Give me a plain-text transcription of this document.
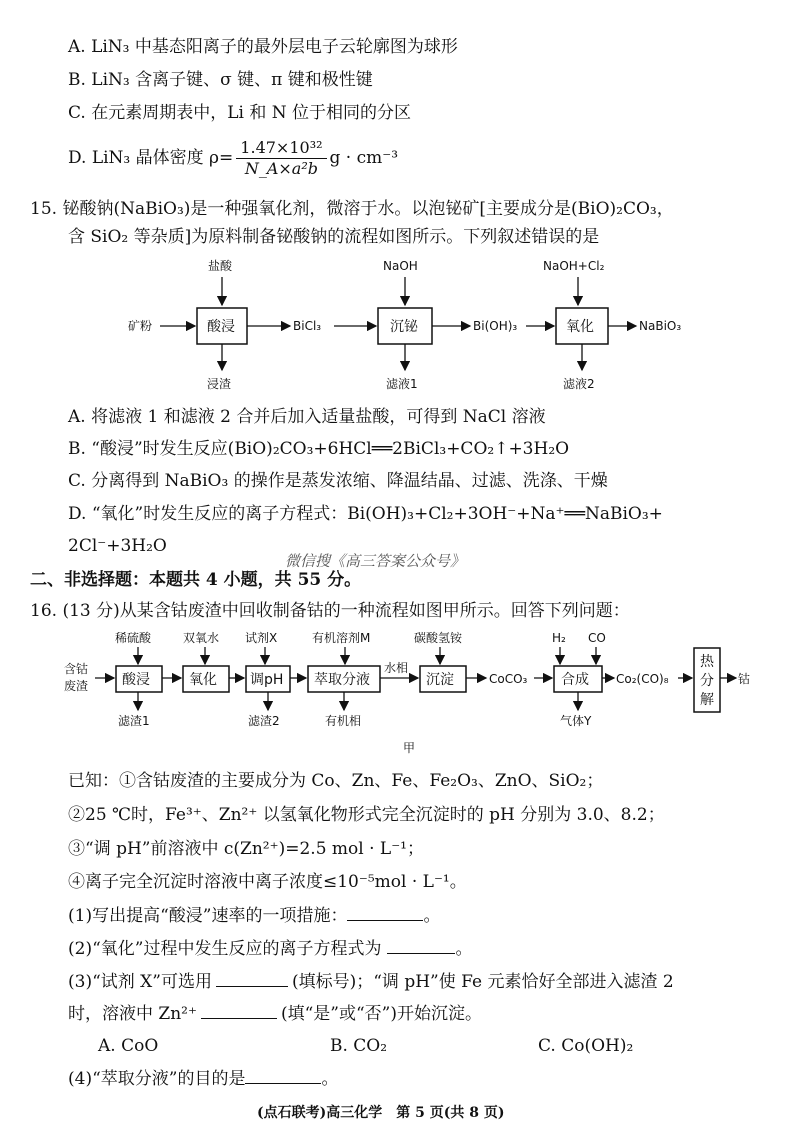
A. LiN₃ 中基态阳离子的最外层电子云轮廓图为球形
B. LiN₃ 含离子键、σ 键、π 键和极性键
C. 在元素周期表中，Li 和 N 位于相同的分区
D. LiN₃ 晶体密度 $\rho= \frac{\text{1.47×10³²}}{\text{N\_A×a²b}}$ g · cm⁻³
15. 铋酸钠(NaBiO₃)是一种强氧化剂，微溶于水。以泡铋矿[主要成分是(BiO)₂CO₃，
含 SiO₂ 等杂质]为原料制备铋酸钠的流程如图所示。下列叙述错误的是
盐酸	NaOH	NaOH+Cl₂
矿粉	酸浸	BiCl₃	沉铋	Bi(OH)₃	氧化	NaBiO₃
浸渣	滤液1	滤液2
A. 将滤液 1 和滤液 2 合并后加入适量盐酸，可得到 NaCl 溶液
B. “酸浸”时发生反应(BiO)₂CO₃+6HCl══2BiCl₃+CO₂↑+3H₂O
C. 分离得到 NaBiO₃ 的操作是蒸发浓缩、降温结晶、过滤、洗涤、干燥
D. “氧化”时发生反应的离子方程式：Bi(OH)₃+Cl₂+3OH⁻+Na⁺══NaBiO₃+
2Cl⁻+3H₂O
微信搜《高三答案公众号》
二、非选择题：本题共 4 小题，共 55 分。
16. (13 分)从某含钴废渣中回收制备钴的一种流程如图甲所示。回答下列问题：
稀硫酸	双氧水 试剂X	有机溶剂M	碳酸氢铵	H₂ CO
含钴
废渣 酸浸	氧化 调pH 萃取分液
水相
沉淀	CoCO₃ 合成 Co₂(CO)₈
热
分
解
钴
滤渣1	滤渣2	有机相	气体Y
甲
已知：①含钴废渣的主要成分为 Co、Zn、Fe、Fe₂O₃、ZnO、SiO₂；
②25 ℃时，Fe³⁺、Zn²⁺ 以氢氧化物形式完全沉淀时的 pH 分别为 3.0、8.2；
③“调 pH”前溶液中 c(Zn²⁺)=2.5 mol · L⁻¹；
④离子完全沉淀时溶液中离子浓度≤10⁻⁵mol · L⁻¹。
(1)写出提高“酸浸”速率的一项措施：	。
(2)“氧化”过程中发生反应的离子方程式为	。
(3)“试剂 X”可选用	(填标号)；“调 pH”使 Fe 元素恰好全部进入滤渣 2
时，溶液中 Zn²⁺	(填“是”或“否”)开始沉淀。
A. CoO	B. CO₂	C. Co(OH)₂
(4)“萃取分液”的目的是	。
(点石联考)高三化学　第 5 页(共 8 页)
